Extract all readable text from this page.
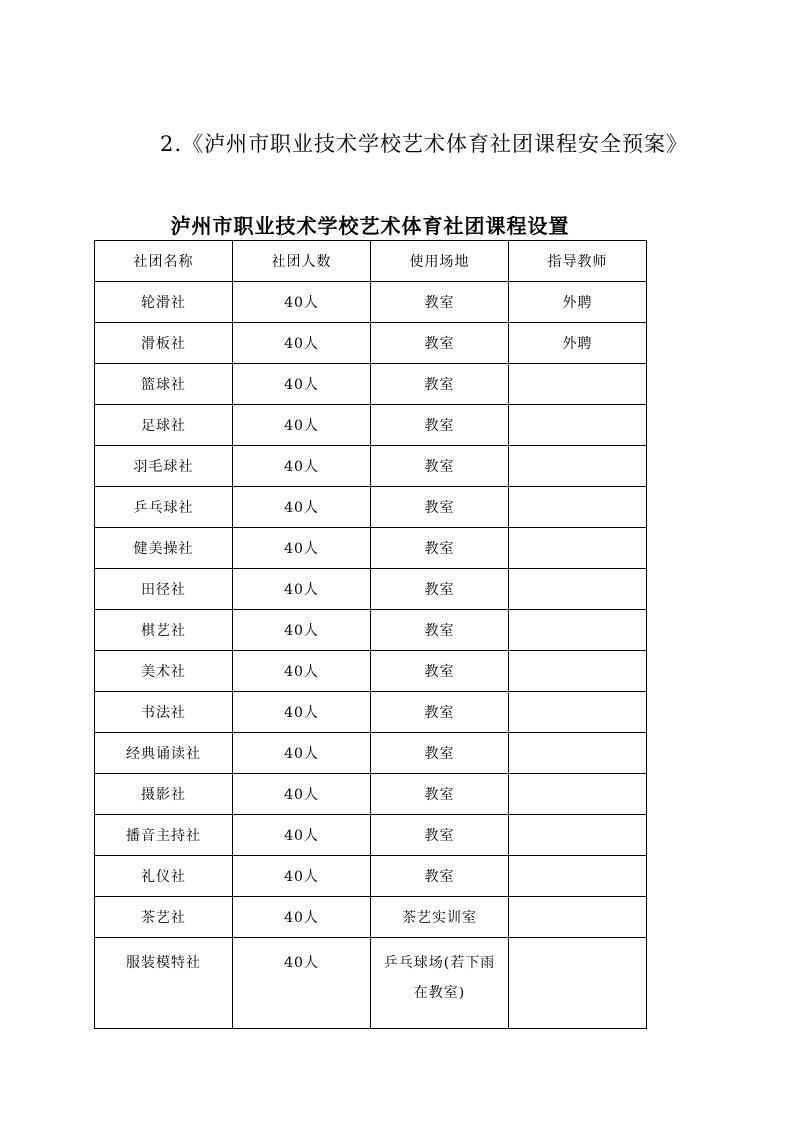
2.《泸州市职业技术学校艺术体育社团课程安全预案》
泸州市职业技术学校艺术体育社团课程设置
社团名称	社团人数	使用场地	指导教师
轮滑社	40人	教室	外聘
滑板社	40人	教室	外聘
篮球社	40人	教室	
足球社	40人	教室	
羽毛球社	40人	教室	
乒乓球社	40人	教室	
健美操社	40人	教室	
田径社	40人	教室	
棋艺社	40人	教室	
美术社	40人	教室	
书法社	40人	教室	
经典诵读社	40人	教室	
摄影社	40人	教室	
播音主持社	40人	教室	
礼仪社	40人	教室	
茶艺社	40人	茶艺实训室	
服装模特社	40人	乒乓球场(若下雨
在教室)	
